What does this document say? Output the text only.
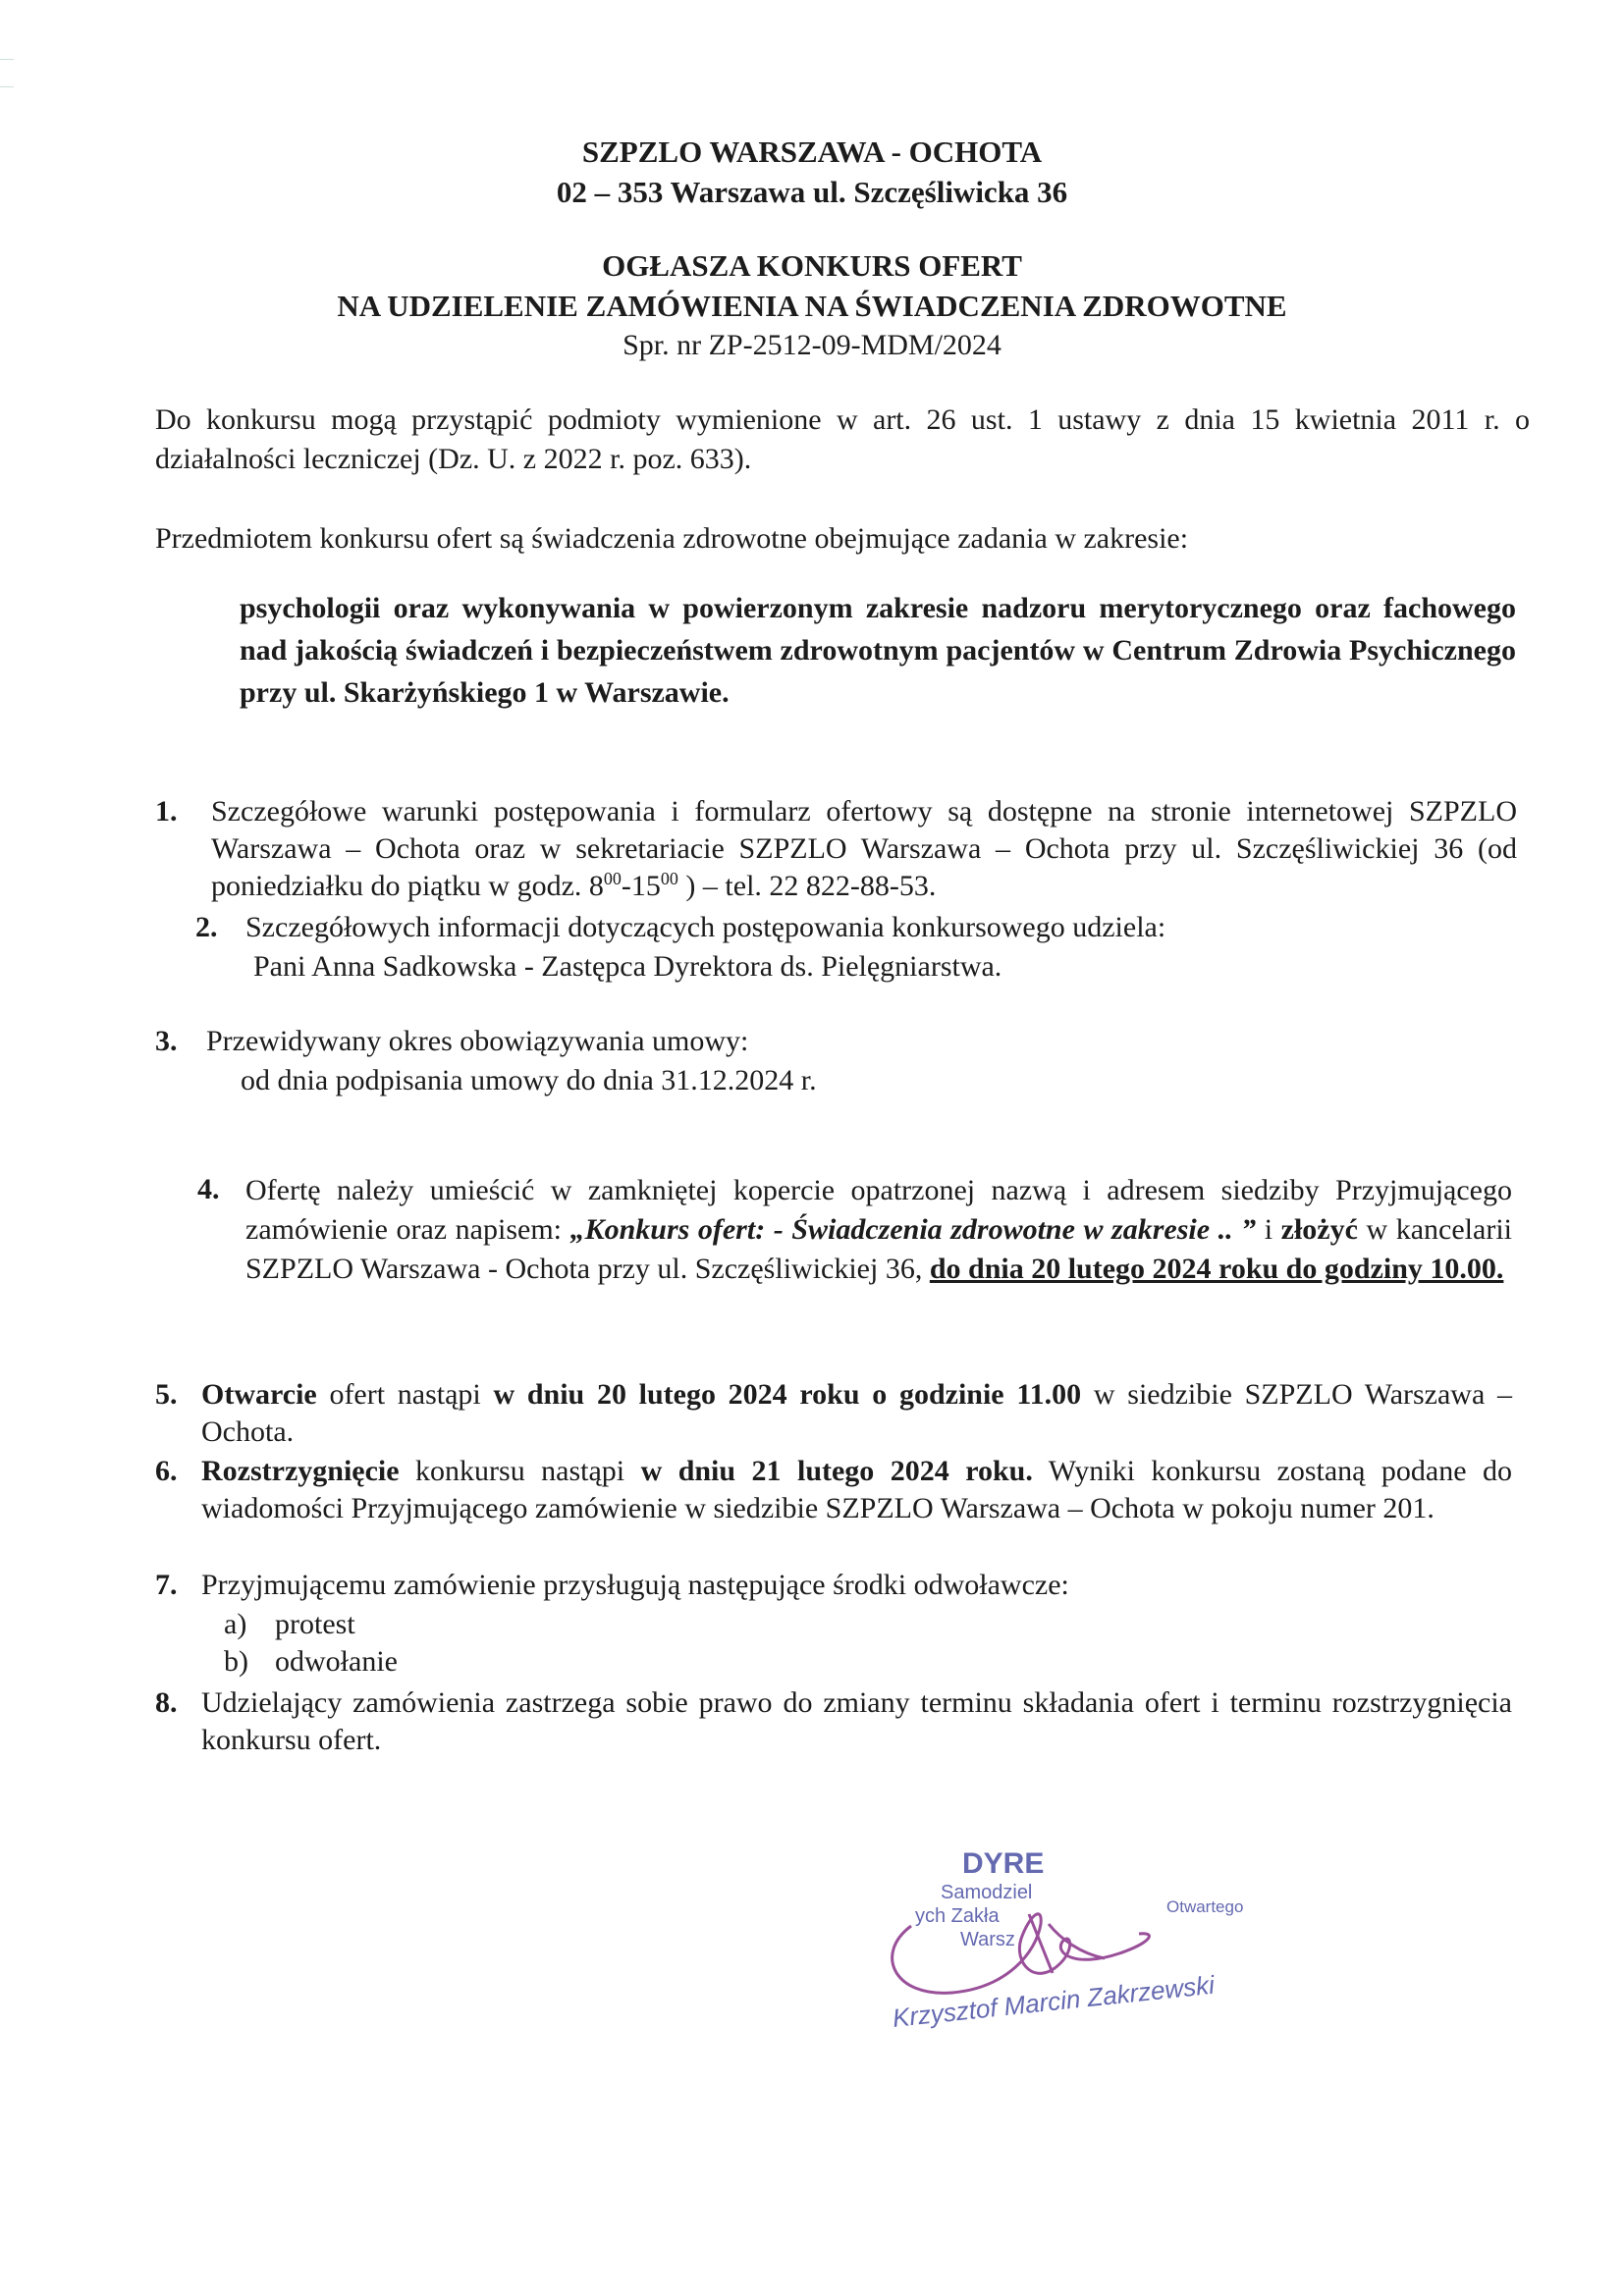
SZPZLO WARSZAWA - OCHOTA
02 – 353 Warszawa ul. Szczęśliwicka 36
OGŁASZA KONKURS OFERT
NA UDZIELENIE ZAMÓWIENIA NA ŚWIADCZENIA ZDROWOTNE
Spr. nr ZP-2512-09-MDM/2024
Do konkursu mogą przystąpić podmioty wymienione w art. 26 ust. 1 ustawy z dnia 15 kwietnia 2011 r. o działalności leczniczej (Dz. U. z 2022 r. poz. 633).
Przedmiotem konkursu ofert są świadczenia zdrowotne obejmujące zadania w zakresie:
psychologii oraz wykonywania w powierzonym zakresie nadzoru merytorycznego oraz fachowego nad jakością świadczeń i bezpieczeństwem zdrowotnym pacjentów w Centrum Zdrowia Psychicznego przy ul. Skarżyńskiego 1 w Warszawie.
1. Szczegółowe warunki postępowania i formularz ofertowy są dostępne na stronie internetowej SZPZLO Warszawa – Ochota oraz w sekretariacie SZPZLO Warszawa – Ochota przy ul. Szczęśliwickiej 36 (od poniedziałku do piątku w godz. $8^{00}-15^{00}$ ) – tel. 22 822-88-53.
2. Szczegółowych informacji dotyczących postępowania konkursowego udziela:
Pani Anna Sadkowska - Zastępca Dyrektora ds. Pielęgniarstwa.
3. Przewidywany okres obowiązywania umowy:
od dnia podpisania umowy do dnia 31.12.2024 r.
4. Ofertę należy umieścić w zamkniętej kopercie opatrzonej nazwą i adresem siedziby Przyjmującego zamówienie oraz napisem: „Konkurs ofert: - Świadczenia zdrowotne w zakresie .. ” i złożyć w kancelarii SZPZLO Warszawa - Ochota przy ul. Szczęśliwickiej 36, do dnia 20 lutego 2024 roku do godziny 10.00.
5. Otwarcie ofert nastąpi w dniu 20 lutego 2024 roku o godzinie 11.00 w siedzibie SZPZLO Warszawa – Ochota.
6. Rozstrzygnięcie konkursu nastąpi w dniu 21 lutego 2024 roku. Wyniki konkursu zostaną podane do wiadomości Przyjmującego zamówienie w siedzibie SZPZLO Warszawa – Ochota w pokoju numer 201.
7. Przyjmującemu zamówienie przysługują następujące środki odwoławcze:
a) protest
b) odwołanie
8. Udzielający zamówienia zastrzega sobie prawo do zmiany terminu składania ofert i terminu rozstrzygnięcia konkursu ofert.
DYRE
Samodziel
ych Zakła
Warsz
Otwartego
Krzysztof Marcin Zakrzewski
